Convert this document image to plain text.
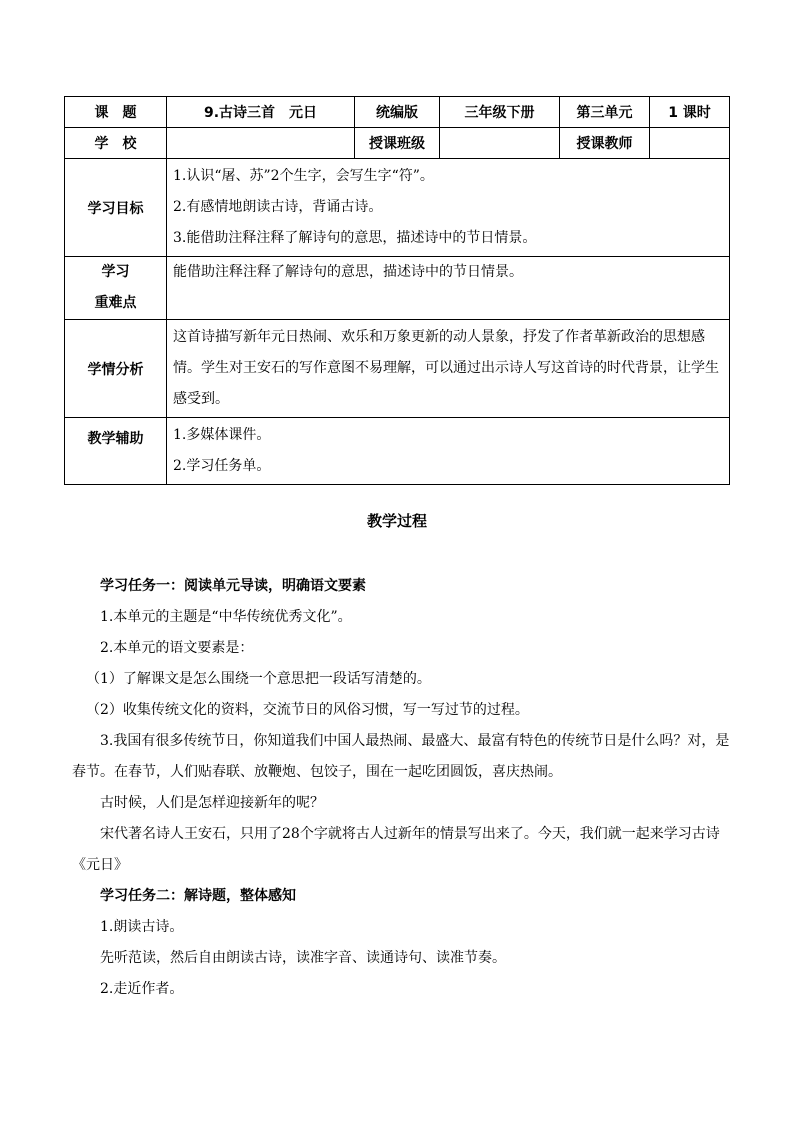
课　题	9.古诗三首　元日	统编版	三年级下册	第三单元	1 课时
学　校		授课班级		授课教师	
学习目标	1.认识“屠、苏”2个生字，会写生字“符”。
2.有感情地朗读古诗，背诵古诗。
3.能借助注释注释了解诗句的意思，描述诗中的节日情景。				

学习
重难点	能借助注释注释了解诗句的意思，描述诗中的节日情景。				

学情分析	这首诗描写新年元日热闹、欢乐和万象更新的动人景象，抒发了作者革新政治的思想感情。学生对王安石的写作意图不易理解，可以通过出示诗人写这首诗的时代背景，让学生感受到。				
教学辅助	1.多媒体课件。
2.学习任务单。				
教学过程

学习任务一：阅读单元导读，明确语文要素

1.本单元的主题是“中华传统优秀文化”。

2.本单元的语文要素是：

（1）了解课文是怎么围绕一个意思把一段话写清楚的。

（2）收集传统文化的资料，交流节日的风俗习惯，写一写过节的过程。

3.我国有很多传统节日，你知道我们中国人最热闹、最盛大、最富有特色的传统节日是什么吗？对，是春节。在春节，人们贴春联、放鞭炮、包饺子，围在一起吃团圆饭，喜庆热闹。

古时候，人们是怎样迎接新年的呢？

宋代著名诗人王安石，只用了28个字就将古人过新年的情景写出来了。今天，我们就一起来学习古诗《元日》

学习任务二：解诗题，整体感知

1.朗读古诗。

先听范读，然后自由朗读古诗，读准字音、读通诗句、读准节奏。

2.走近作者。
